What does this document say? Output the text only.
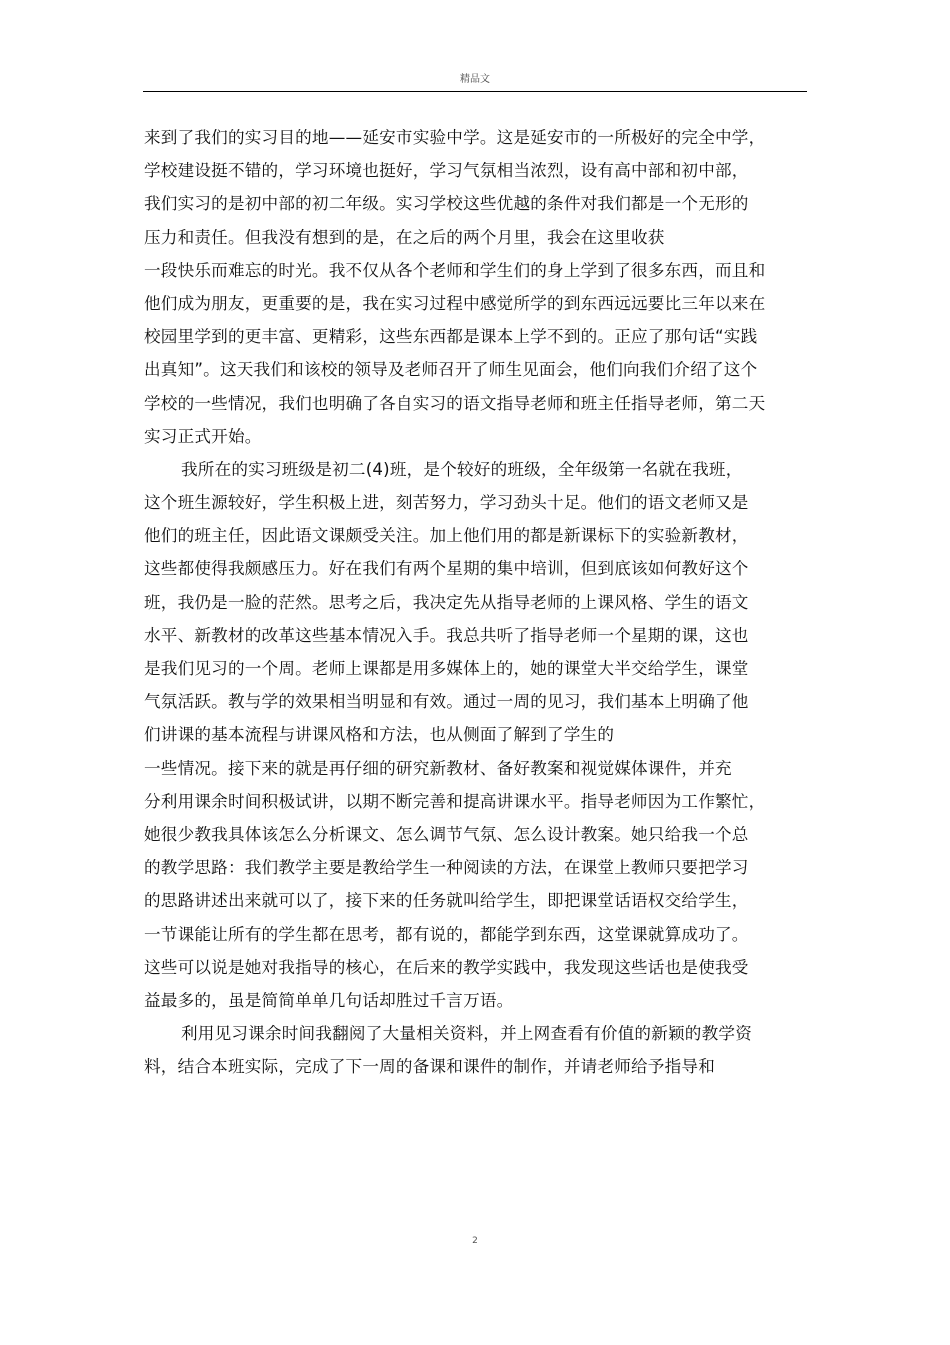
精品文
来到了我们的实习目的地——延安市实验中学。这是延安市的一所极好的完全中学，
学校建设挺不错的，学习环境也挺好，学习气氛相当浓烈，设有高中部和初中部，
我们实习的是初中部的初二年级。实习学校这些优越的条件对我们都是一个无形的
压力和责任。但我没有想到的是，在之后的两个月里，我会在这里收获
一段快乐而难忘的时光。我不仅从各个老师和学生们的身上学到了很多东西，而且和
他们成为朋友，更重要的是，我在实习过程中感觉所学的到东西远远要比三年以来在
校园里学到的更丰富、更精彩，这些东西都是课本上学不到的。正应了那句话“实践
出真知”。这天我们和该校的领导及老师召开了师生见面会，他们向我们介绍了这个
学校的一些情况，我们也明确了各自实习的语文指导老师和班主任指导老师，第二天
实习正式开始。
我所在的实习班级是初二(4)班，是个较好的班级，全年级第一名就在我班，
这个班生源较好，学生积极上进，刻苦努力，学习劲头十足。他们的语文老师又是
他们的班主任，因此语文课颇受关注。加上他们用的都是新课标下的实验新教材，
这些都使得我颇感压力。好在我们有两个星期的集中培训，但到底该如何教好这个
班，我仍是一脸的茫然。思考之后，我决定先从指导老师的上课风格、学生的语文
水平、新教材的改革这些基本情况入手。我总共听了指导老师一个星期的课，这也
是我们见习的一个周。老师上课都是用多媒体上的，她的课堂大半交给学生，课堂
气氛活跃。教与学的效果相当明显和有效。通过一周的见习，我们基本上明确了他
们讲课的基本流程与讲课风格和方法，也从侧面了解到了学生的
一些情况。接下来的就是再仔细的研究新教材、备好教案和视觉媒体课件，并充
分利用课余时间积极试讲，以期不断完善和提高讲课水平。指导老师因为工作繁忙，
她很少教我具体该怎么分析课文、怎么调节气氛、怎么设计教案。她只给我一个总
的教学思路：我们教学主要是教给学生一种阅读的方法，在课堂上教师只要把学习
的思路讲述出来就可以了，接下来的任务就叫给学生，即把课堂话语权交给学生，
一节课能让所有的学生都在思考，都有说的，都能学到东西，这堂课就算成功了。
这些可以说是她对我指导的核心，在后来的教学实践中，我发现这些话也是使我受
益最多的，虽是简简单单几句话却胜过千言万语。
利用见习课余时间我翻阅了大量相关资料，并上网查看有价值的新颖的教学资
料，结合本班实际，完成了下一周的备课和课件的制作，并请老师给予指导和
2
